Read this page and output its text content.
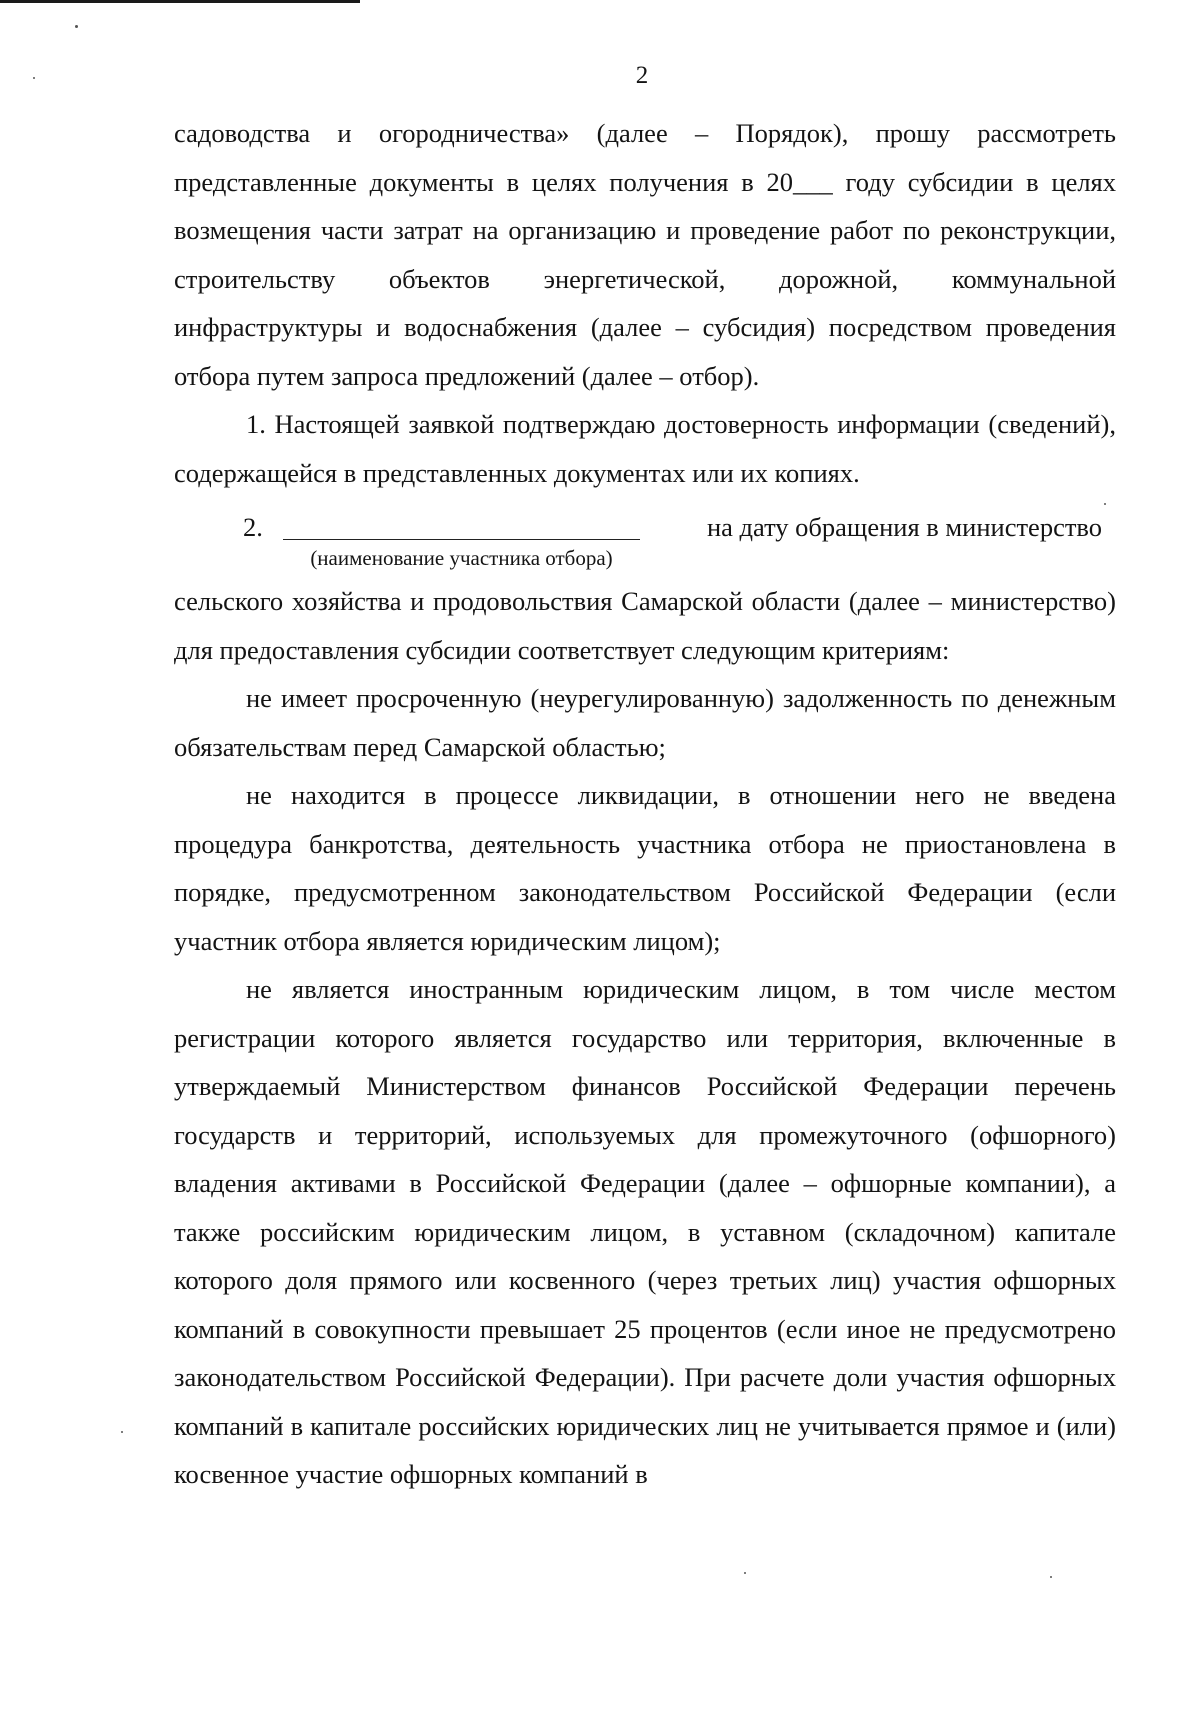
2

садоводства и огородничества» (далее – Порядок), прошу рассмотреть представленные документы в целях получения в 20___ году субсидии в целях возмещения части затрат на организацию и проведение работ по реконструкции, строительству объектов энергетической, дорожной, коммунальной инфраструктуры и водоснабжения (далее – субсидия) посредством проведения отбора путем запроса предложений (далее – отбор).

1. Настоящей заявкой подтверждаю достоверность информации (сведений), содержащейся в представленных документах или их копиях.

2.
(наименование участника отбора)
на дату обращения в министерство

сельского хозяйства и продовольствия Самарской области (далее – министерство) для предоставления субсидии соответствует следующим критериям:

не имеет просроченную (неурегулированную) задолженность по денежным обязательствам перед Самарской областью;

не находится в процессе ликвидации, в отношении него не введена процедура банкротства, деятельность участника отбора не приостановлена в порядке, предусмотренном законодательством Российской Федерации (если участник отбора является юридическим лицом);

не является иностранным юридическим лицом, в том числе местом регистрации которого является государство или территория, включенные в утверждаемый Министерством финансов Российской Федерации перечень государств и территорий, используемых для промежуточного (офшорного) владения активами в Российской Федерации (далее – офшорные компании), а также российским юридическим лицом, в уставном (складочном) капитале которого доля прямого или косвенного (через третьих лиц) участия офшорных компаний в совокупности превышает 25 процентов (если иное не предусмотрено законодательством Российской Федерации). При расчете доли участия офшорных компаний в капитале российских юридических лиц не учитывается прямое и (или) косвенное участие офшорных компаний в
